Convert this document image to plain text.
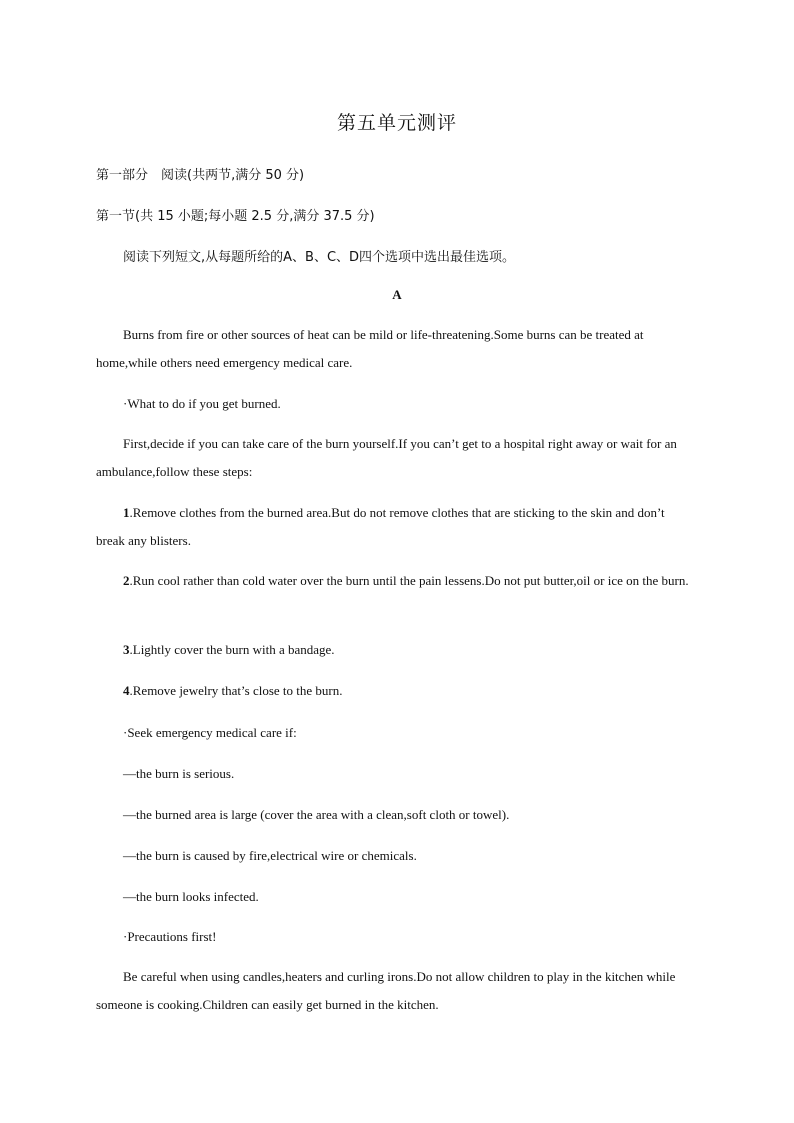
第五单元测评
第一部分　阅读(共两节,满分 50 分)
第一节(共 15 小题;每小题 2.5 分,满分 37.5 分)
阅读下列短文,从每题所给的A、B、C、D四个选项中选出最佳选项。
A
Burns from fire or other sources of heat can be mild or life-threatening.Some burns can be treated at home,while others need emergency medical care.
·What to do if you get burned.
First,decide if you can take care of the burn yourself.If you can’t get to a hospital right away or wait for an ambulance,follow these steps:
1.Remove clothes from the burned area.But do not remove clothes that are sticking to the skin and don’t break any blisters.
2.Run cool rather than cold water over the burn until the pain lessens.Do not put butter,oil or ice on the burn.
3.Lightly cover the burn with a bandage.
4.Remove jewelry that’s close to the burn.
·Seek emergency medical care if:
—the burn is serious.
—the burned area is large (cover the area with a clean,soft cloth or towel).
—the burn is caused by fire,electrical wire or chemicals.
—the burn looks infected.
·Precautions first!
Be careful when using candles,heaters and curling irons.Do not allow children to play in the kitchen while someone is cooking.Children can easily get burned in the kitchen.
